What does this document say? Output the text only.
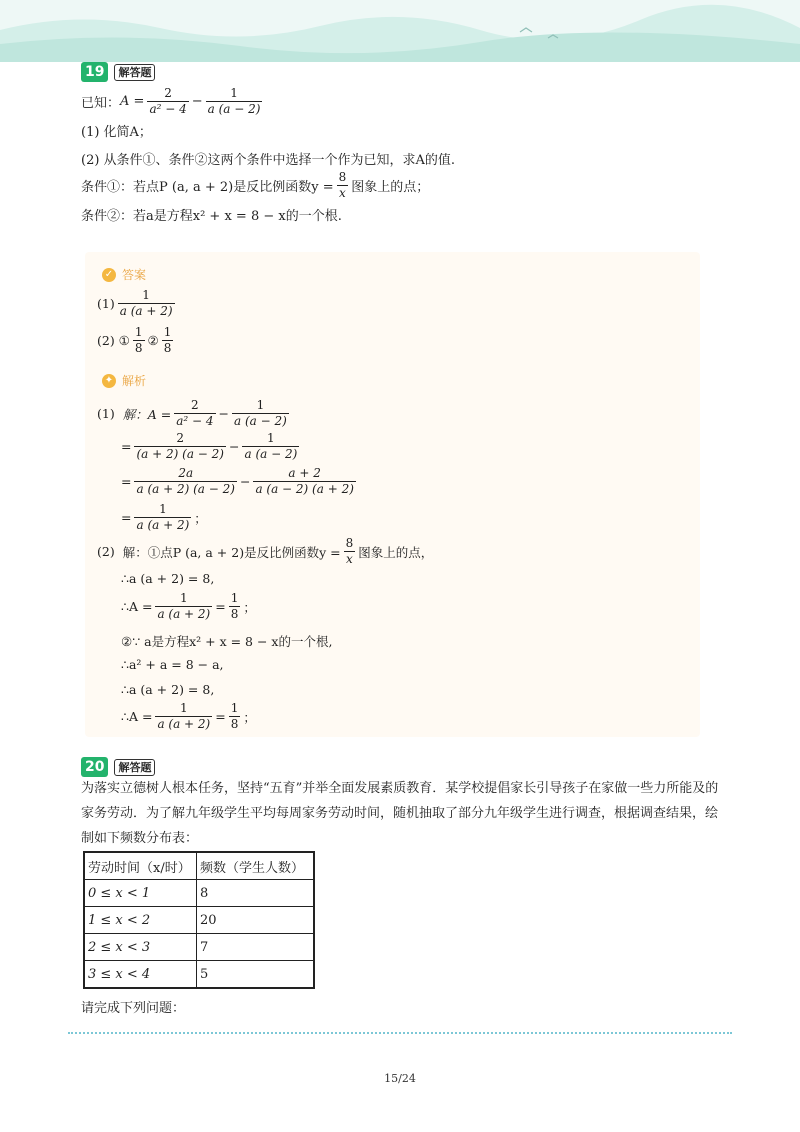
19	解答题
已知： $A = \frac{2}{\text{a² − 4}} - \frac{1}{a (a - 2)}$
(1) 化简A；
(2) 从条件①、条件②这两个条件中选择一个作为已知，求A的值.
条件①：若点P (a, a + 2)是反比例函数$y = \frac{8}{x}$ 图象上的点；
条件②：若a是方程x² + x = 8 − x的一个根.
✓ 答案
$(1) \frac{1}{a (a + 2)}$
(2) ① $\frac{1}{8}$ ② $\frac{1}{8}$
✦ 解析
(1) 解：$A = \frac{2}{\text{a² − 4}} - \frac{1}{a (a - 2)}$
= $\frac{2}{(a + 2) (a - 2)} - \frac{1}{a (a - 2)}$
= $\frac{2a}{a (a + 2) (a - 2)} - \frac{a + 2}{a (a - 2) (a + 2)}$
= $\frac{1}{a (a + 2)}$ ；
(2) 解：①点P (a, a + 2)是反比例函数$y = \frac{8}{x}$ 图象上的点，
∴a (a + 2) = 8,
∴A = $\frac{1}{a (a + 2)} = \frac{1}{8}$ ；
②∵ a是方程x² + x = 8 − x的一个根,
∴a² + a = 8 − a,
∴a (a + 2) = 8,
∴A = $\frac{1}{a (a + 2)} = \frac{1}{8}$ ；
20	解答题
为落实立德树人根本任务，坚持“五育”并举全面发展素质教育．某学校提倡家长引导孩子在家做一些力所能及的家务劳动．为了解九年级学生平均每周家务劳动时间，随机抽取了部分九年级学生进行调查，根据调查结果，绘制如下频数分布表：
劳动时间（x/时）	频数（学生人数）
0 ≤ x < 1	8
1 ≤ x < 2	20
2 ≤ x < 3	7
3 ≤ x < 4	5
请完成下列问题：
15/24
